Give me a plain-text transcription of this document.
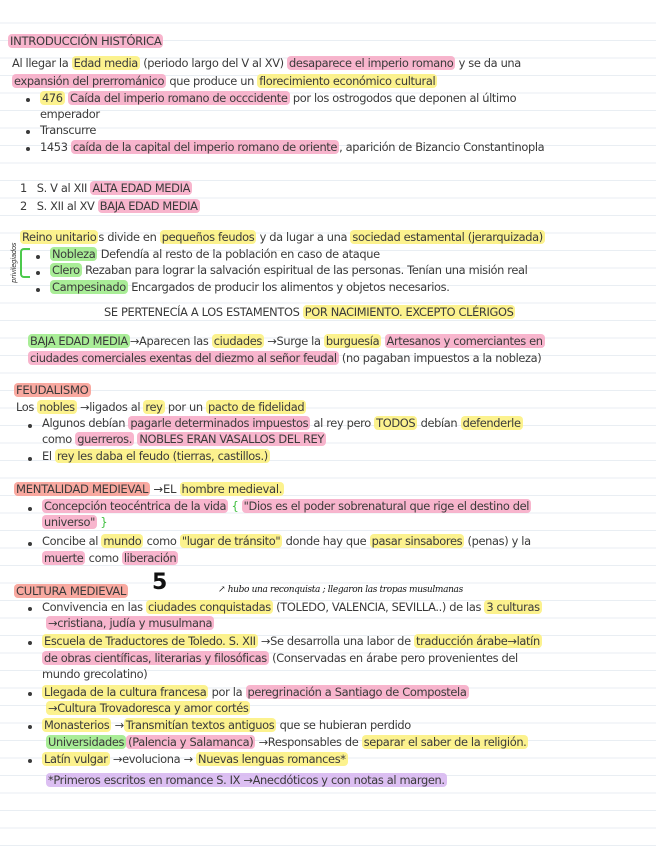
INTRODUCCIÓN HISTÓRICA
Al llegar la Edad media (periodo largo del V al XV) desaparece el imperio romano y se da una
expansión del prerrománico que produce un florecimiento económico cultural
476 Caída del imperio romano de occcidente por los ostrogodos que deponen al último
emperador
Transcurre
1453 caída de la capital del imperio romano de oriente , aparición de Bizancio Constantinopla
1 S. V al XII ALTA EDAD MEDIA
2 S. XII al XV BAJA EDAD MEDIA
Reino unitario s divide en pequeños feudos y da lugar a una sociedad estamental (jerarquizada)
privilegiados	Nobleza Defendía al resto de la población en caso de ataque
Clero Rezaban para lograr la salvación espiritual de las personas. Tenían una misión real
Campesinado Encargados de producir los alimentos y objetos necesarios.
SE PERTENECÍA A LOS ESTAMENTOS POR NACIMIENTO. EXCEPTO CLÉRIGOS
BAJA EDAD MEDIA →Aparecen las ciudades →Surge la burguesía Artesanos y comerciantes en
ciudades comerciales exentas del diezmo al señor feudal (no pagaban impuestos a la nobleza)
FEUDALISMO
Los nobles →ligados al rey por un pacto de fidelidad
Algunos debían pagarle determinados impuestos al rey pero TODOS debían defenderle
como guerreros. NOBLES ERAN VASALLOS DEL REY
El rey les daba el feudo (tierras, castillos.)
MENTALIDAD MEDIEVAL →EL hombre medieval.
Concepción teocéntrica de la vida { "Dios es el poder sobrenatural que rige el destino del
universo" }
Concibe al mundo como "lugar de tránsito" donde hay que pasar sinsabores (penas) y la
muerte como liberación
CULTURA MEDIEVAL 5	↗ hubo una reconquista ; llegaron las tropas musulmanas
Convivencia en las ciudades conquistadas (TOLEDO, VALENCIA, SEVILLA..) de las 3 culturas
→cristiana, judía y musulmana
Escuela de Traductores de Toledo. S. XII →Se desarrolla una labor de traducción árabe→latín
de obras científicas, literarias y filosóficas (Conservadas en árabe pero provenientes del
mundo grecolatino)
Llegada de la cultura francesa por la peregrinación a Santiago de Compostela
→Cultura Trovadoresca y amor cortés
Monasterios → Transmitían textos antiguos que se hubieran perdido
Universidades (Palencia y Salamanca) →Responsables de separar el saber de la religión.
Latín vulgar →evoluciona → Nuevas lenguas romances*
*Primeros escritos en romance S. IX →Anecdóticos y con notas al margen.
